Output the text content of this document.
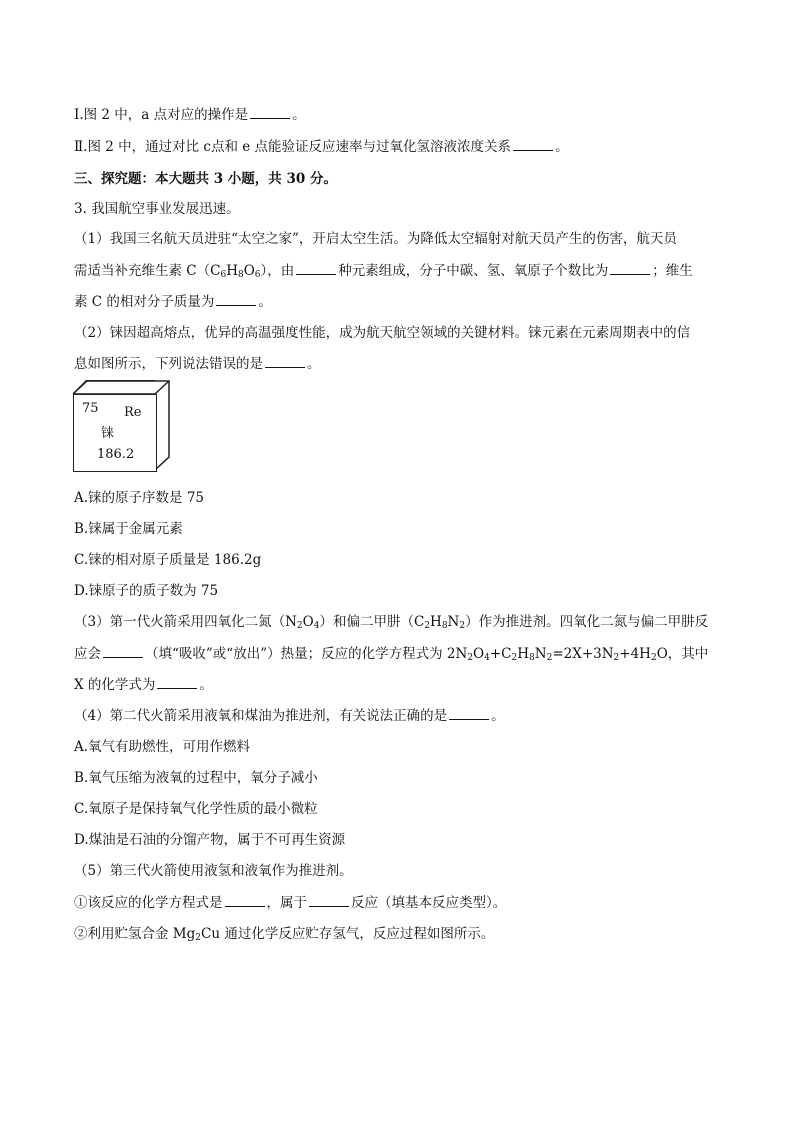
Ⅰ.图 2 中，a 点对应的操作是	。
Ⅱ.图 2 中，通过对比 c点和 e 点能验证反应速率与过氧化氢溶液浓度关系	。
三、探究题：本大题共 3 小题，共 30 分。
3. 我国航空事业发展迅速。
（1）我国三名航天员进驻“太空之家”，开启太空生活。为降低太空辐射对航天员产生的伤害，航天员
需适当补充维生素 $C(C_6H_8O_6)$，由	种元素组成，分子中碳、氢、氧原子个数比为	；维生
素 C 的相对分子质量为	。
（2）铼因超高熔点，优异的高温强度性能，成为航天航空领域的关键材料。铼元素在元素周期表中的信
息如图所示，下列说法错误的是	。
75 Re
铼
186.2
A.铼的原子序数是 75
B.铼属于金属元素
C.铼的相对原子质量是 186.2g
D.铼原子的质子数为 75
（3）第一代火箭采用四氧化二氮$(N_2O_4)$和偏二甲肼$(C_2H_8N_2)$作为推进剂。四氧化二氮与偏二甲肼反
应会	（填“吸收”或“放出”）热量；反应的化学方程式为 $2N_2O_4+C_2H_8N_2=2X+3N_2+4H_2O$，其中
X 的化学式为	。
（4）第二代火箭采用液氧和煤油为推进剂，有关说法正确的是	。
A.氧气有助燃性，可用作燃料
B.氧气压缩为液氧的过程中，氧分子减小
C.氧原子是保持氧气化学性质的最小微粒
D.煤油是石油的分馏产物，属于不可再生资源
（5）第三代火箭使用液氢和液氧作为推进剂。
①该反应的化学方程式是	，属于	反应（填基本反应类型）。
②利用贮氢合金 $Mg_2Cu$ 通过化学反应贮存氢气，反应过程如图所示。
